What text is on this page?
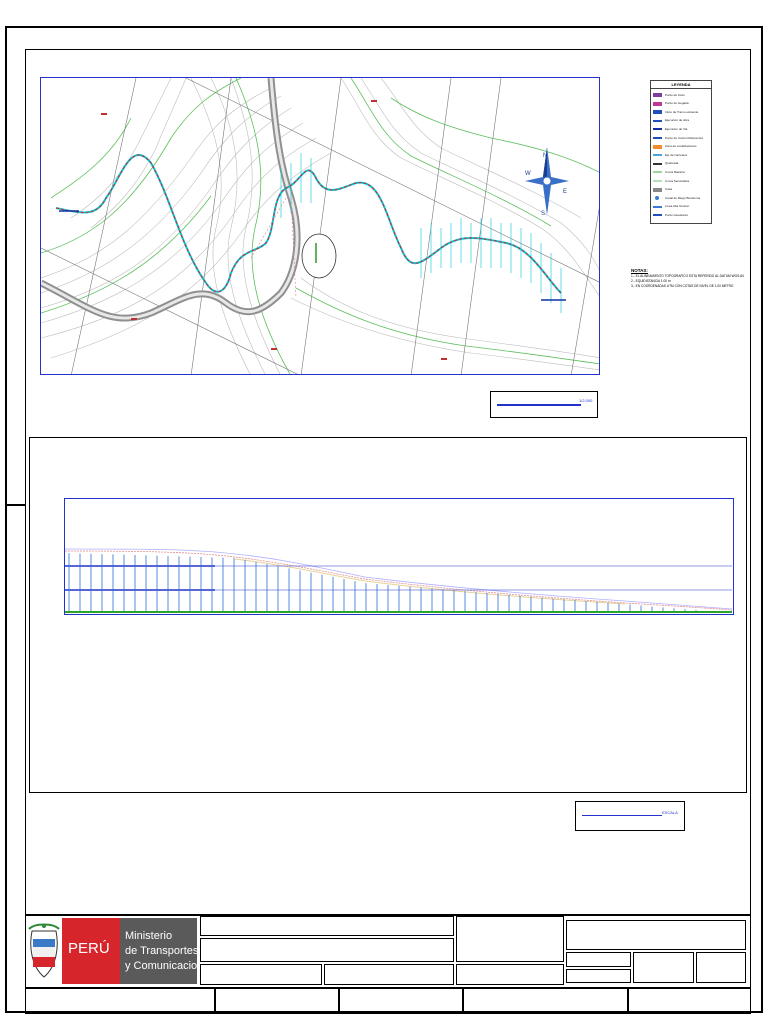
N
E
S
W
LEYENDA
Punto de Inicio
Punto de Llegada
Inicio de Tramo existente
Ejecucion de obra
Ejecucion de Via
Punto de Control Referencia
Zona de Localizaciones
Eje de Carretera
Quebrada
Curva Maestra
Curva Secundaria
Casa
Canal de Riego Bocatoma
Linea Alta Tension
Punto Geodesico
NOTAS:
1.- EL ALINEAMIENTO TOPOGRAFICO ESTA REFERIDO AL DATUM WGS-84
2.- EQUIDISTANCIA 1.00 m
3.- EN COORDENADAS UTM CON COTAS DE NIVEL DE 1.00 METRO
1/2,000
ESCALA
PERÚ
Ministerio
de Transportes
y Comunicaciones
